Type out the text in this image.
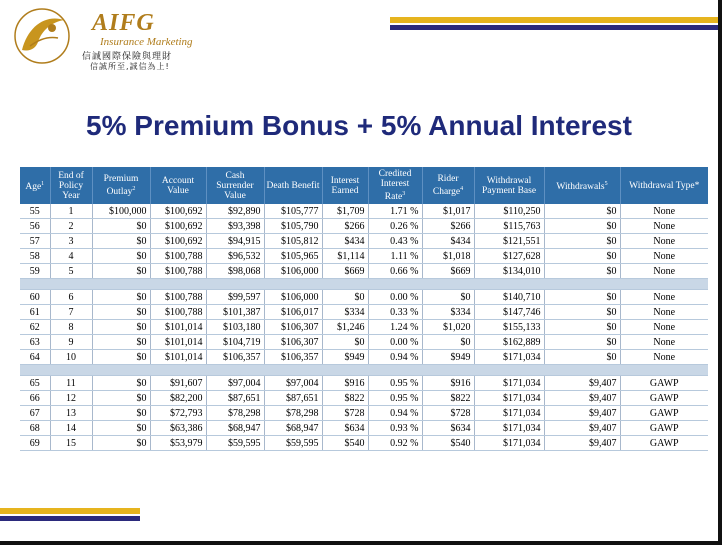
AIFG
Insurance Marketing
信誠國際保險與理財
信誠所至,誠信為上!
5% Premium Bonus + 5% Annual Interest
Age$^1$	End of Policy Year	Premium Outlay$^2$	Account Value	Cash Surrender Value	Death Benefit	Interest Earned	Credited Interest Rate$^3$	Rider Charge$^4$	Withdrawal Payment Base	Withdrawals$^5$	Withdrawal Type*
55	1	$100,000	$100,692	$92,890	$105,777	$1,709	1.71 %	$1,017	$110,250	$0	None
56	2	$0	$100,692	$93,398	$105,790	$266	0.26 %	$266	$115,763	$0	None
57	3	$0	$100,692	$94,915	$105,812	$434	0.43 %	$434	$121,551	$0	None
58	4	$0	$100,788	$96,532	$105,965	$1,114	1.11 %	$1,018	$127,628	$0	None
59	5	$0	$100,788	$98,068	$106,000	$669	0.66 %	$669	$134,010	$0	None

60	6	$0	$100,788	$99,597	$106,000	$0	0.00 %	$0	$140,710	$0	None
61	7	$0	$100,788	$101,387	$106,017	$334	0.33 %	$334	$147,746	$0	None
62	8	$0	$101,014	$103,180	$106,307	$1,246	1.24 %	$1,020	$155,133	$0	None
63	9	$0	$101,014	$104,719	$106,307	$0	0.00 %	$0	$162,889	$0	None
64	10	$0	$101,014	$106,357	$106,357	$949	0.94 %	$949	$171,034	$0	None

65	11	$0	$91,607	$97,004	$97,004	$916	0.95 %	$916	$171,034	$9,407	GAWP
66	12	$0	$82,200	$87,651	$87,651	$822	0.95 %	$822	$171,034	$9,407	GAWP
67	13	$0	$72,793	$78,298	$78,298	$728	0.94 %	$728	$171,034	$9,407	GAWP
68	14	$0	$63,386	$68,947	$68,947	$634	0.93 %	$634	$171,034	$9,407	GAWP
69	15	$0	$53,979	$59,595	$59,595	$540	0.92 %	$540	$171,034	$9,407	GAWP
